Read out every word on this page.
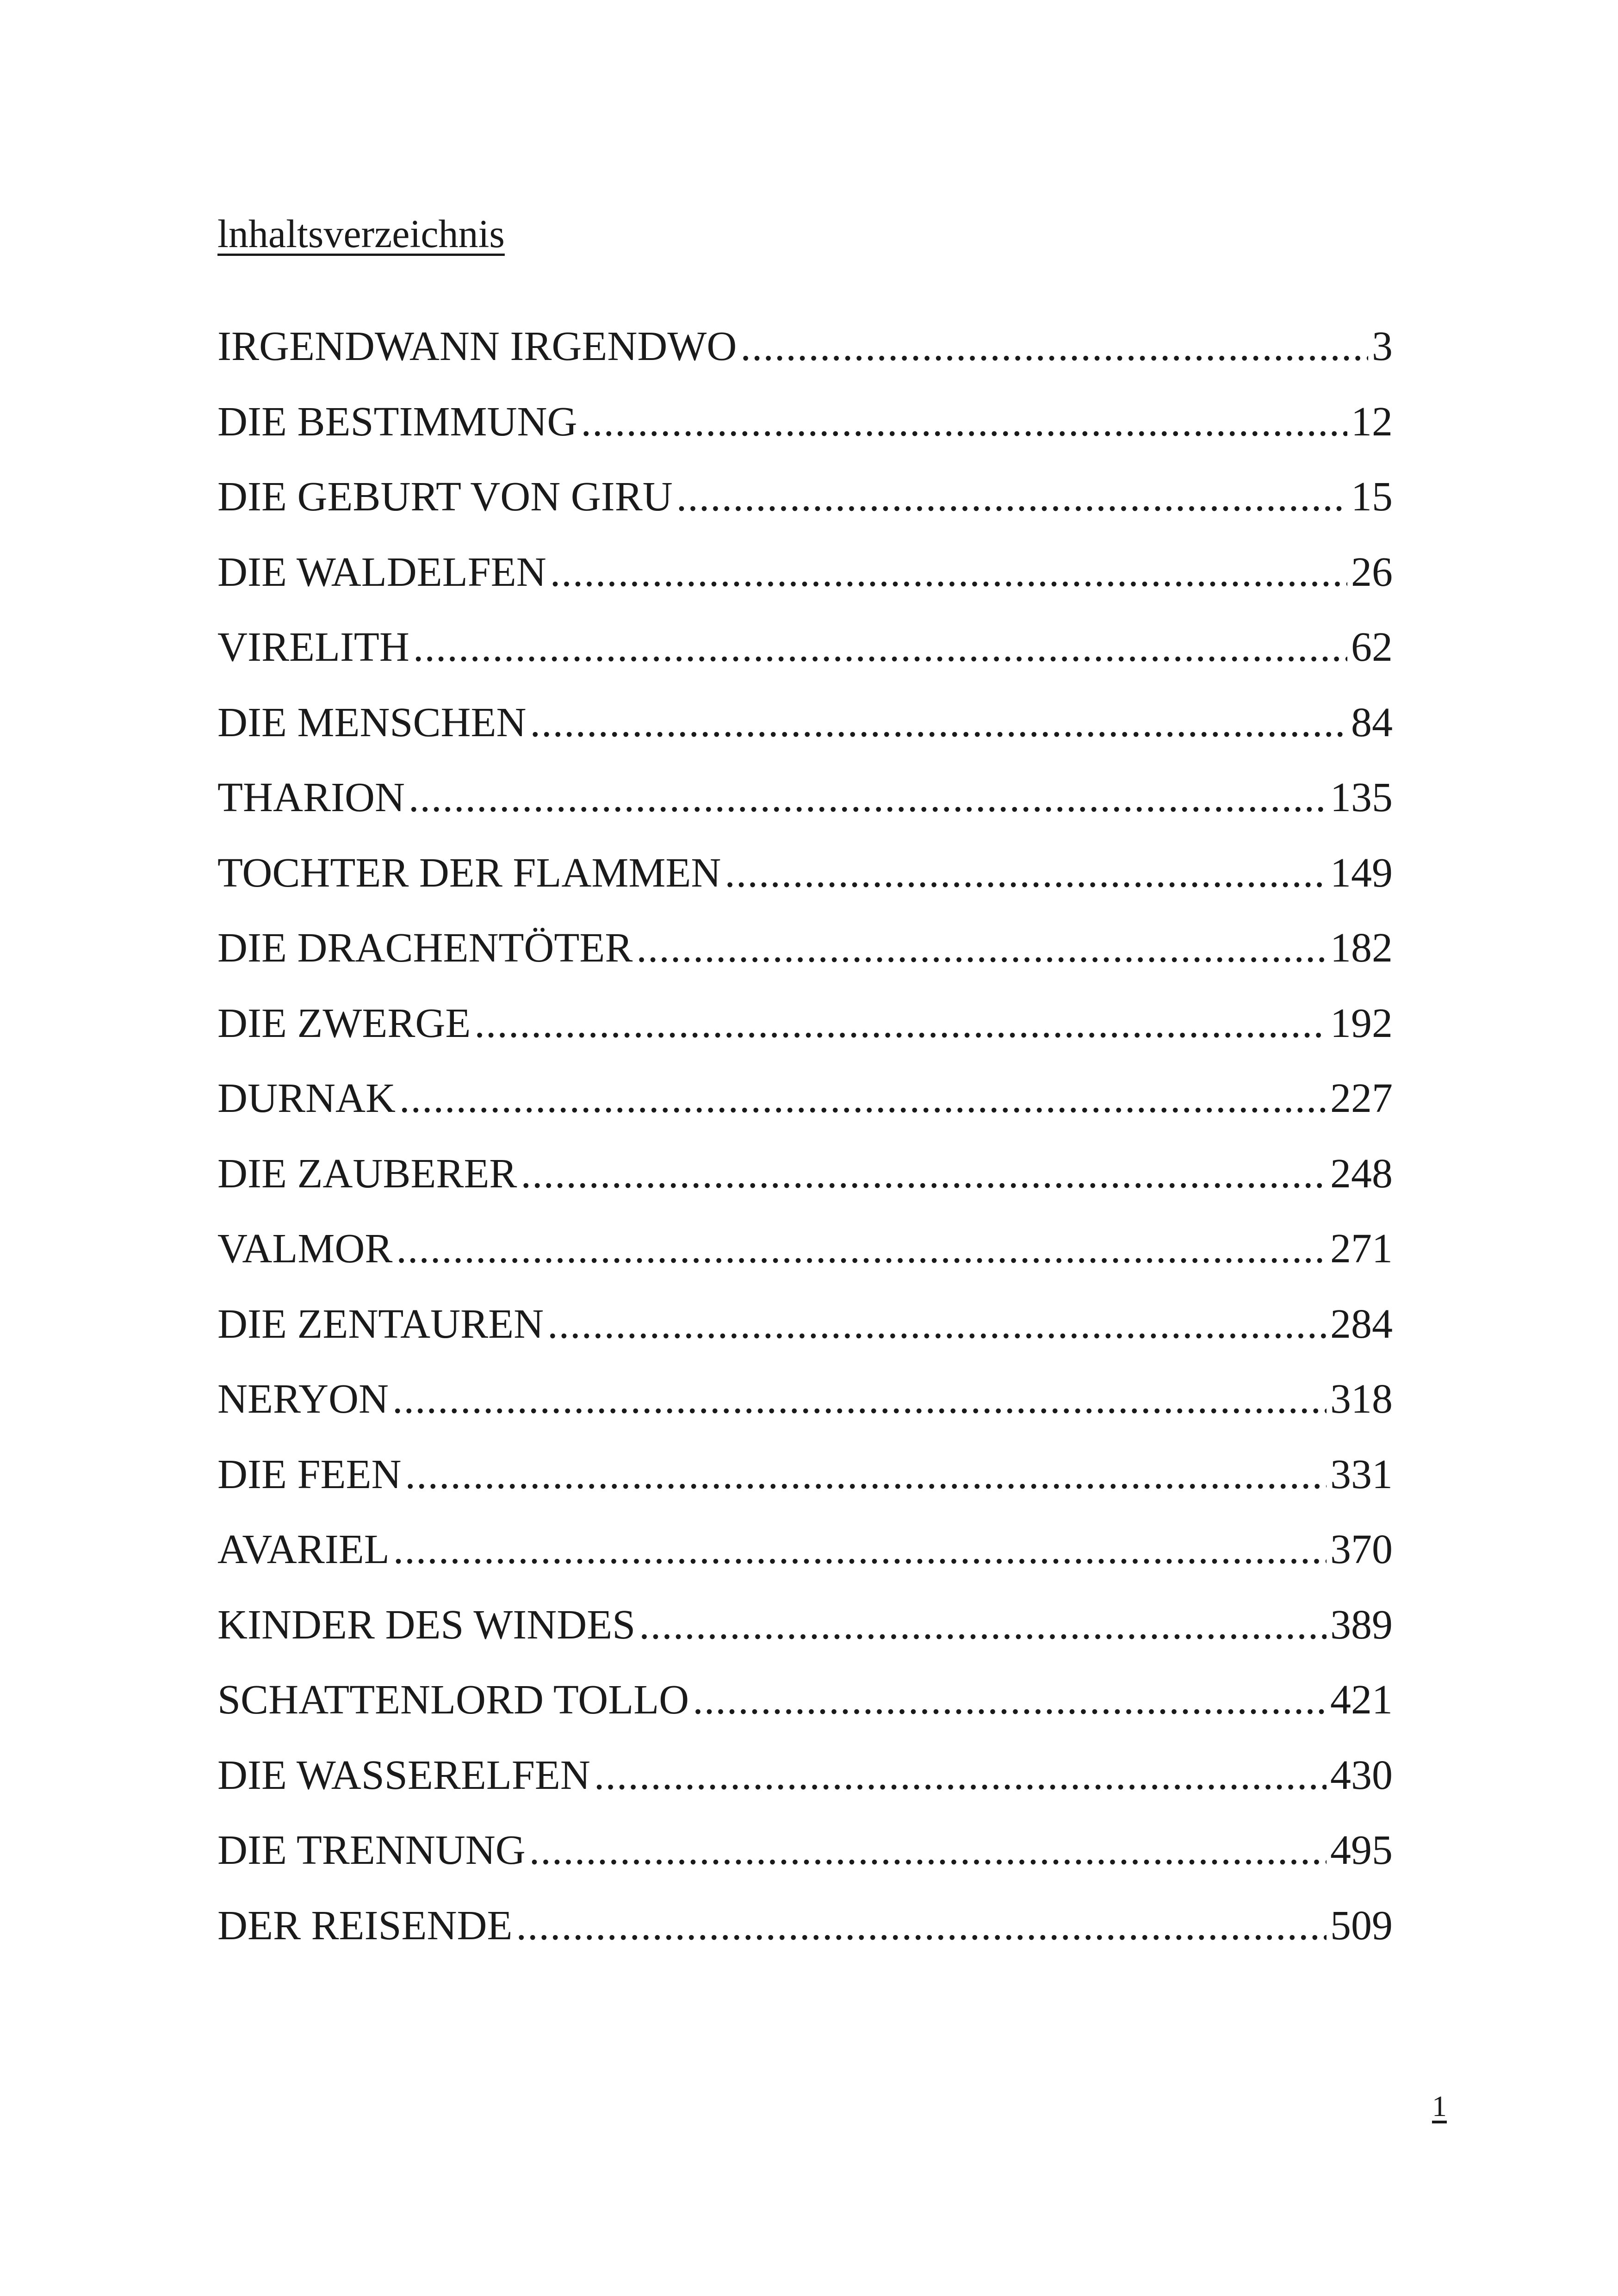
lnhaltsverzeichnis
IRGENDWANN IRGENDWO .....	3
DIE BESTIMMUNG .....	12
DIE GEBURT VON GIRU .....	15
DIE WALDELFEN .....	26
VIRELITH .....	62
DIE MENSCHEN .....	84
THARION .....	135
TOCHTER DER FLAMMEN .....	149
DIE DRACHENTÖTER .....	182
DIE ZWERGE .....	192
DURNAK .....	227
DIE ZAUBERER .....	248
VALMOR .....	271
DIE ZENTAUREN .....	284
NERYON .....	318
DIE FEEN .....	331
AVARIEL .....	370
KINDER DES WINDES .....	389
SCHATTENLORD TOLLO .....	421
DIE WASSERELFEN .....	430
DIE TRENNUNG .....	495
DER REISENDE .....	509
1
